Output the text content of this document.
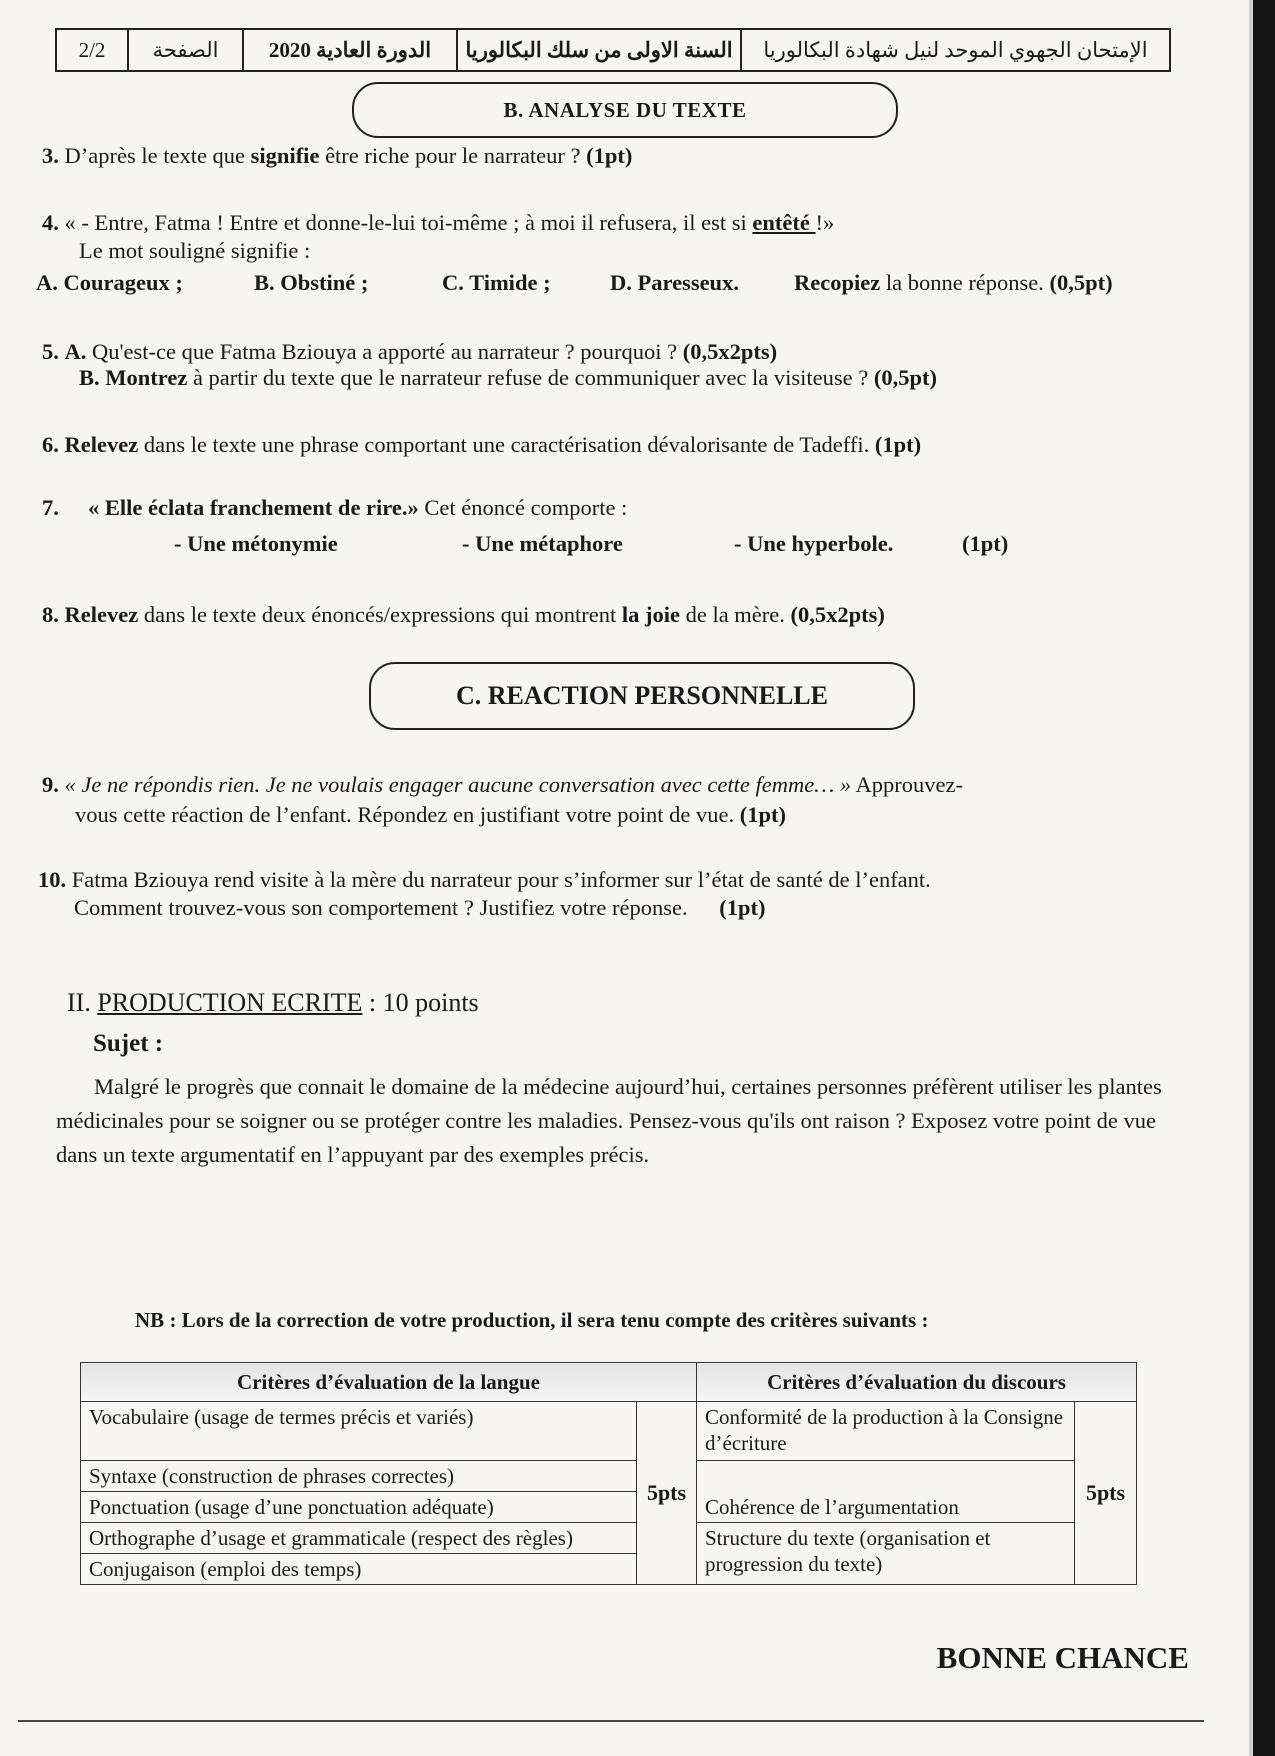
2/2	الصفحة	الدورة العادية 2020	السنة الاولى من سلك البكالوريا	الإمتحان الجهوي الموحد لنيل شهادة البكالوريا
B. ANALYSE DU TEXTE
3. D’après le texte que signifie être riche pour le narrateur ? (1pt)
4. « - Entre, Fatma ! Entre et donne-le-lui toi-même ; à moi il refusera, il est si entêté !»
Le mot souligné signifie :
A. Courageux ;	B. Obstiné ;	C. Timide ;	D. Paresseux. Recopiez la bonne réponse. (0,5pt)
5. A. Qu'est-ce que Fatma Bziouya a apporté au narrateur ? pourquoi ? (0,5x2pts)
B. Montrez à partir du texte que le narrateur refuse de communiquer avec la visiteuse ? (0,5pt)
6. Relevez dans le texte une phrase comportant une caractérisation dévalorisante de Tadeffi. (1pt)
7. « Elle éclata franchement de rire.» Cet énoncé comporte :
- Une métonymie	- Une métaphore	- Une hyperbole.	(1pt)
8. Relevez dans le texte deux énoncés/expressions qui montrent la joie de la mère. (0,5x2pts)
C. REACTION PERSONNELLE
9. « Je ne répondis rien. Je ne voulais engager aucune conversation avec cette femme… » Approuvez-
vous cette réaction de l’enfant. Répondez en justifiant votre point de vue. (1pt)
10. Fatma Bziouya rend visite à la mère du narrateur pour s’informer sur l’état de santé de l’enfant.
Comment trouvez-vous son comportement ? Justifiez votre réponse. (1pt)
II. PRODUCTION ECRITE : 10 points
Sujet :
Malgré le progrès que connait le domaine de la médecine aujourd’hui, certaines personnes préfèrent utiliser les plantes médicinales pour se soigner ou se protéger contre les maladies. Pensez-vous qu'ils ont raison ? Exposez votre point de vue dans un texte argumentatif en l’appuyant par des exemples précis.
NB : Lors de la correction de votre production, il sera tenu compte des critères suivants :
Critères d’évaluation de la langue		Critères d’évaluation du discours	
Vocabulaire (usage de termes précis et variés)	5pts	Conformité de la production à la Consigne d’écriture	5pts
Syntaxe (construction de phrases correctes)		Cohérence de l’argumentation	
Ponctuation (usage d’une ponctuation adéquate)			
Orthographe d’usage et grammaticale (respect des règles)		Structure du texte (organisation et progression du texte)	
Conjugaison (emploi des temps)			
BONNE CHANCE
